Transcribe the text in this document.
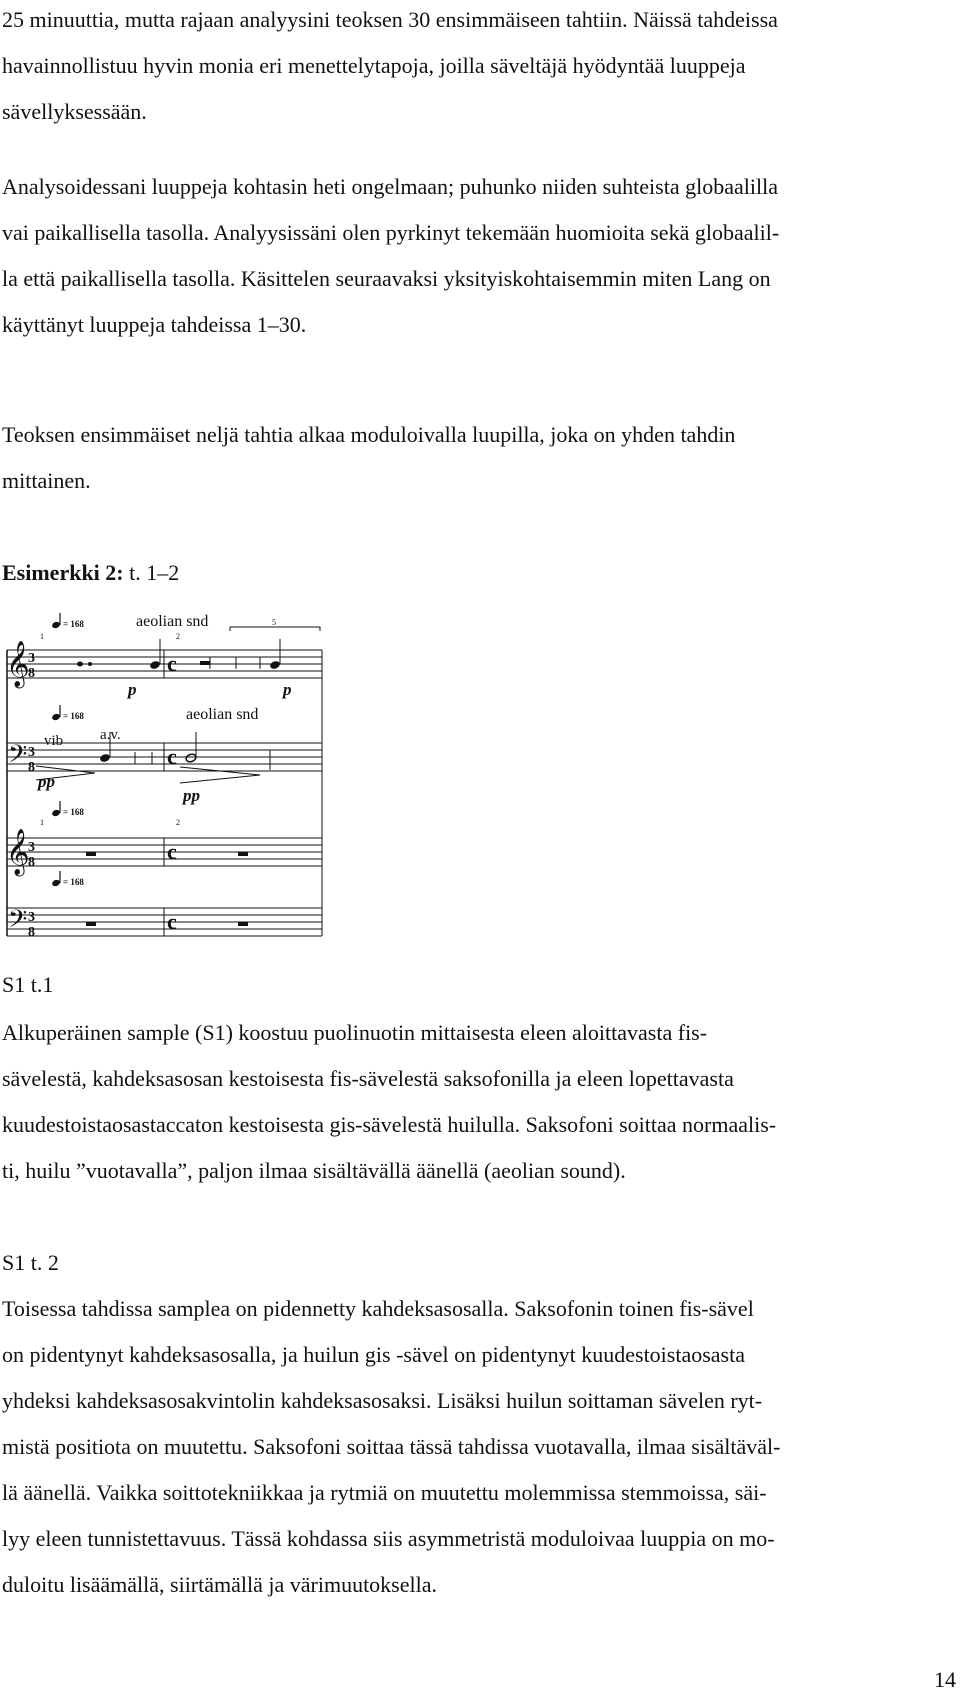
25 minuuttia, mutta rajaan analyysini teoksen 30 ensimmäiseen tahtiin. Näissä tahdeissa
havainnollistuu hyvin monia eri menettelytapoja, joilla säveltäjä hyödyntää luuppeja
sävellyksessään.

Analysoidessani luuppeja kohtasin heti ongelmaan; puhunko niiden suhteista globaalilla
vai paikallisella tasolla. Analyysissäni olen pyrkinyt tekemään huomioita sekä globaalil-
la että paikallisella tasolla. Käsittelen seuraavaksi yksityiskohtaisemmin miten Lang on
käyttänyt luuppeja tahdeissa 1–30.

Teoksen ensimmäiset neljä tahtia alkaa moduloivalla luupilla, joka on yhden tahdin
mittainen.

Esimerkki 2: t. 1–2

𝄞
𝄞
𝄢
𝄢
3
8
3
8
3
8
3
8
c
c
c
c
= 168
= 168
= 168
= 168
1	2
1	2
5
aeolian snd
aeolian snd
vib a.v.
p	p
pp
pp

S1 t.1

Alkuperäinen sample (S1) koostuu puolinuotin mittaisesta eleen aloittavasta fis-
sävelestä, kahdeksasosan kestoisesta fis-sävelestä saksofonilla ja eleen lopettavasta
kuudestoistaosastaccaton kestoisesta gis-sävelestä huilulla. Saksofoni soittaa normaalis-
ti, huilu ”vuotavalla”, paljon ilmaa sisältävällä äänellä (aeolian sound).

S1 t. 2

Toisessa tahdissa samplea on pidennetty kahdeksasosalla. Saksofonin toinen fis-sävel
on pidentynyt kahdeksasosalla, ja huilun gis -sävel on pidentynyt kuudestoistaosasta
yhdeksi kahdeksasosakvintolin kahdeksasosaksi. Lisäksi huilun soittaman sävelen ryt-
mistä positiota on muutettu. Saksofoni soittaa tässä tahdissa vuotavalla, ilmaa sisältäväl-
lä äänellä. Vaikka soittotekniikkaa ja rytmiä on muutettu molemmissa stemmoissa, säi-
lyy eleen tunnistettavuus. Tässä kohdassa siis asymmetristä moduloivaa luuppia on mo-
duloitu lisäämällä, siirtämällä ja värimuutoksella.

14
